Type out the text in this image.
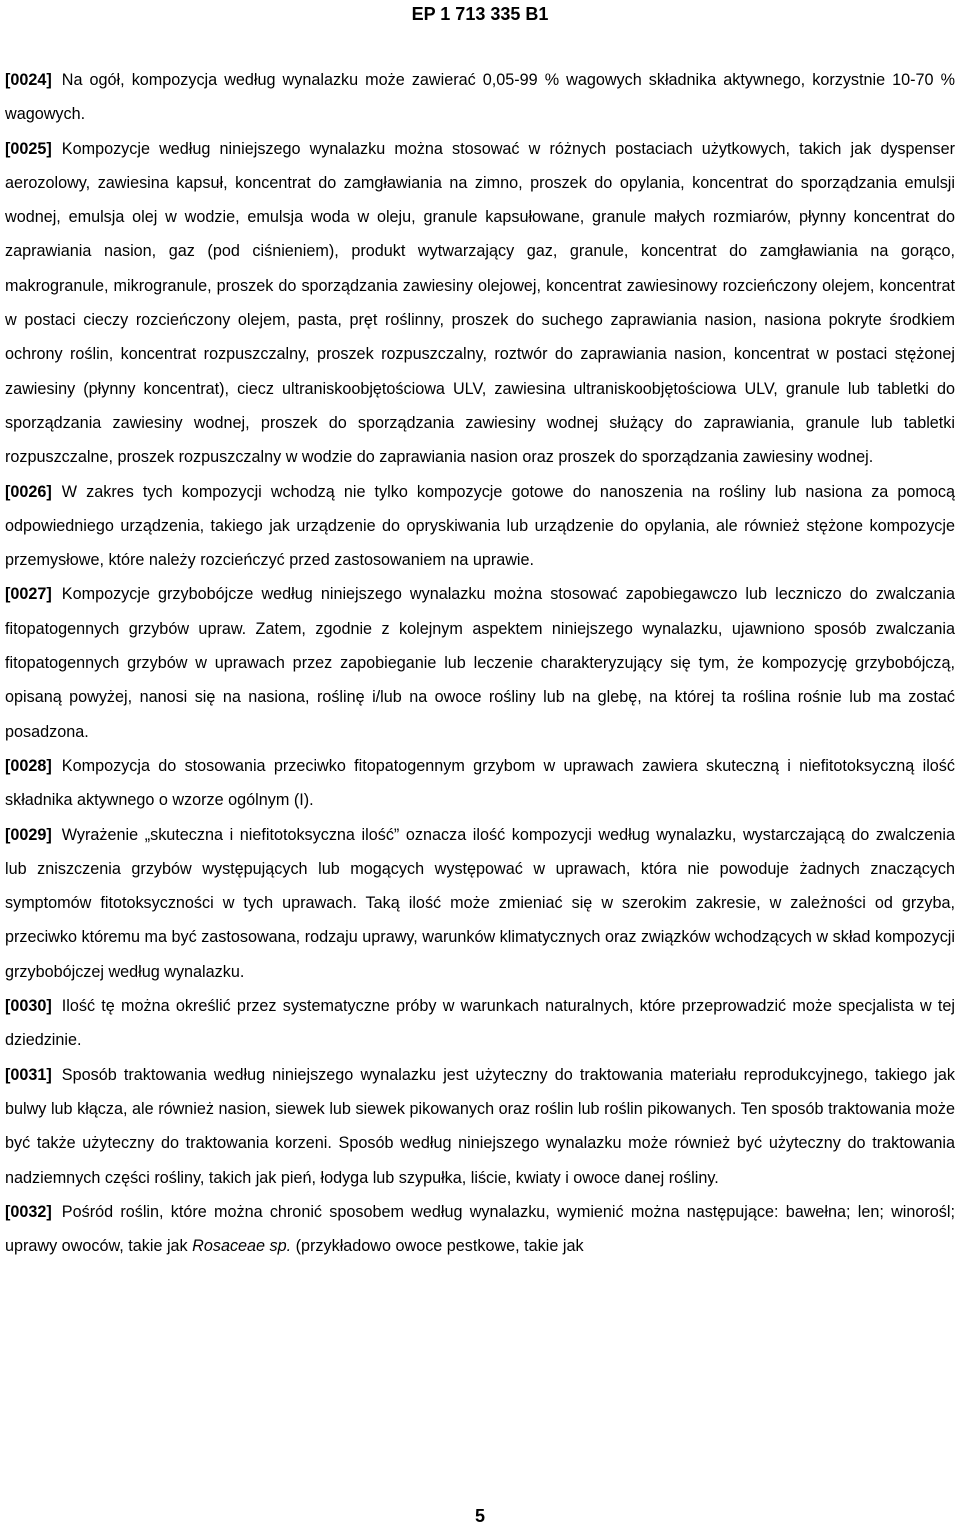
EP 1 713 335 B1

[0024] Na ogół, kompozycja według wynalazku może zawierać 0,05-99 % wagowych składnika aktywnego, korzystnie 10-70 % wagowych.

[0025] Kompozycje według niniejszego wynalazku można stosować w różnych postaciach użytkowych, takich jak dyspenser aerozolowy, zawiesina kapsuł, koncentrat do zamgławiania na zimno, proszek do opylania, koncentrat do sporządzania emulsji wodnej, emulsja olej w wodzie, emulsja woda w oleju, granule kapsułowane, granule małych rozmiarów, płynny koncentrat do zaprawiania nasion, gaz (pod ciśnieniem), produkt wytwarzający gaz, granule, koncentrat do zamgławiania na gorąco, makrogranule, mikrogranule, proszek do sporządzania zawiesiny olejowej, koncentrat zawiesinowy rozcieńczony olejem, koncentrat w postaci cieczy rozcieńczony olejem, pasta, pręt roślinny, proszek do suchego zaprawiania nasion, nasiona pokryte środkiem ochrony roślin, koncentrat rozpuszczalny, proszek rozpuszczalny, roztwór do zaprawiania nasion, koncentrat w postaci stężonej zawiesiny (płynny koncentrat), ciecz ultraniskoobjętościowa ULV, zawiesina ultraniskoobjętościowa ULV, granule lub tabletki do sporządzania zawiesiny wodnej, proszek do sporządzania zawiesiny wodnej służący do zaprawiania, granule lub tabletki rozpuszczalne, proszek rozpuszczalny w wodzie do zaprawiania nasion oraz proszek do sporządzania zawiesiny wodnej.

[0026] W zakres tych kompozycji wchodzą nie tylko kompozycje gotowe do nanoszenia na rośliny lub nasiona za pomocą odpowiedniego urządzenia, takiego jak urządzenie do opryskiwania lub urządzenie do opylania, ale również stężone kompozycje przemysłowe, które należy rozcieńczyć przed zastosowaniem na uprawie.

[0027] Kompozycje grzybobójcze według niniejszego wynalazku można stosować zapobiegawczo lub leczniczo do zwalczania fitopatogennych grzybów upraw. Zatem, zgodnie z kolejnym aspektem niniejszego wynalazku, ujawniono sposób zwalczania fitopatogennych grzybów w uprawach przez zapobieganie lub leczenie charakteryzujący się tym, że kompozycję grzybobójczą, opisaną powyżej, nanosi się na nasiona, roślinę i/lub na owoce rośliny lub na glebę, na której ta roślina rośnie lub ma zostać posadzona.

[0028] Kompozycja do stosowania przeciwko fitopatogennym grzybom w uprawach zawiera skuteczną i niefitotoksyczną ilość składnika aktywnego o wzorze ogólnym (I).

[0029] Wyrażenie „skuteczna i niefitotoksyczna ilość” oznacza ilość kompozycji według wynalazku, wystarczającą do zwalczenia lub zniszczenia grzybów występujących lub mogących występować w uprawach, która nie powoduje żadnych znaczących symptomów fitotoksyczności w tych uprawach. Taką ilość może zmieniać się w szerokim zakresie, w zależności od grzyba, przeciwko któremu ma być zastosowana, rodzaju uprawy, warunków klimatycznych oraz związków wchodzących w skład kompozycji grzybobójczej według wynalazku.

[0030] Ilość tę można określić przez systematyczne próby w warunkach naturalnych, które przeprowadzić może specjalista w tej dziedzinie.

[0031] Sposób traktowania według niniejszego wynalazku jest użyteczny do traktowania materiału reprodukcyjnego, takiego jak bulwy lub kłącza, ale również nasion, siewek lub siewek pikowanych oraz roślin lub roślin pikowanych. Ten sposób traktowania może być także użyteczny do traktowania korzeni. Sposób według niniejszego wynalazku może również być użyteczny do traktowania nadziemnych części rośliny, takich jak pień, łodyga lub szypułka, liście, kwiaty i owoce danej rośliny.

[0032] Pośród roślin, które można chronić sposobem według wynalazku, wymienić można następujące: bawełna; len; winorośl; uprawy owoców, takie jak Rosaceae sp. (przykładowo owoce pestkowe, takie jak

5
